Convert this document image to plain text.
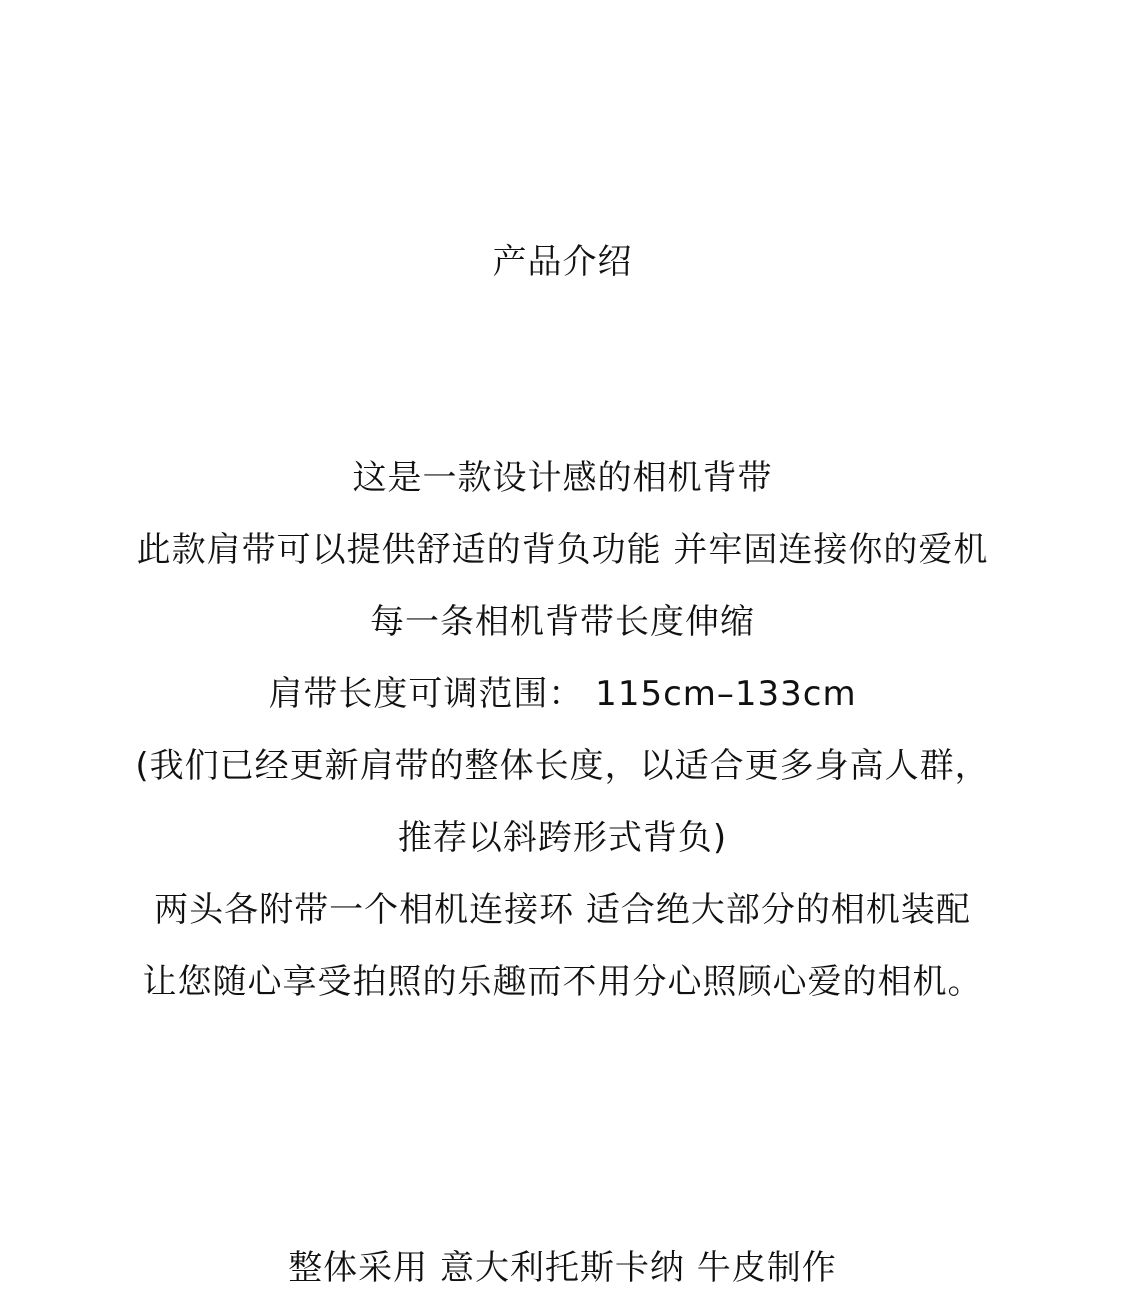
产品介绍
这是一款设计感的相机背带
此款肩带可以提供舒适的背负功能 并牢固连接你的爱机
每一条相机背带长度伸缩
肩带长度可调范围： 115cm–133cm
(我们已经更新肩带的整体长度，以适合更多身高人群，
推荐以斜跨形式背负)
两头各附带一个相机连接环 适合绝大部分的相机装配
让您随心享受拍照的乐趣而不用分心照顾心爱的相机。
整体采用 意大利托斯卡纳 牛皮制作
